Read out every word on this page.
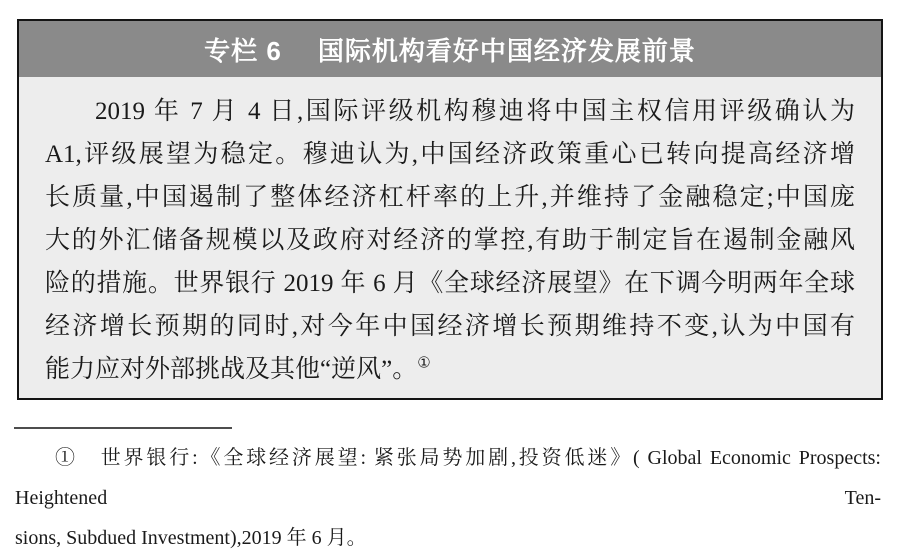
专栏 6 国际机构看好中国经济发展前景
2019 年 7 月 4 日,国际评级机构穆迪将中国主权信用评级确认为
A1,评级展望为稳定。穆迪认为,中国经济政策重心已转向提高经济增
长质量,中国遏制了整体经济杠杆率的上升,并维持了金融稳定;中国庞
大的外汇储备规模以及政府对经济的掌控,有助于制定旨在遏制金融风
险的措施。世界银行 2019 年 6 月《全球经济展望》在下调今明两年全球
经济增长预期的同时,对今年中国经济增长预期维持不变,认为中国有
能力应对外部挑战及其他“逆风”。①
①　世界银行:《全球经济展望: 紧张局势加剧,投资低迷》( Global Economic Prospects: Heightened Ten-
sions, Subdued Investment),2019 年 6 月。
